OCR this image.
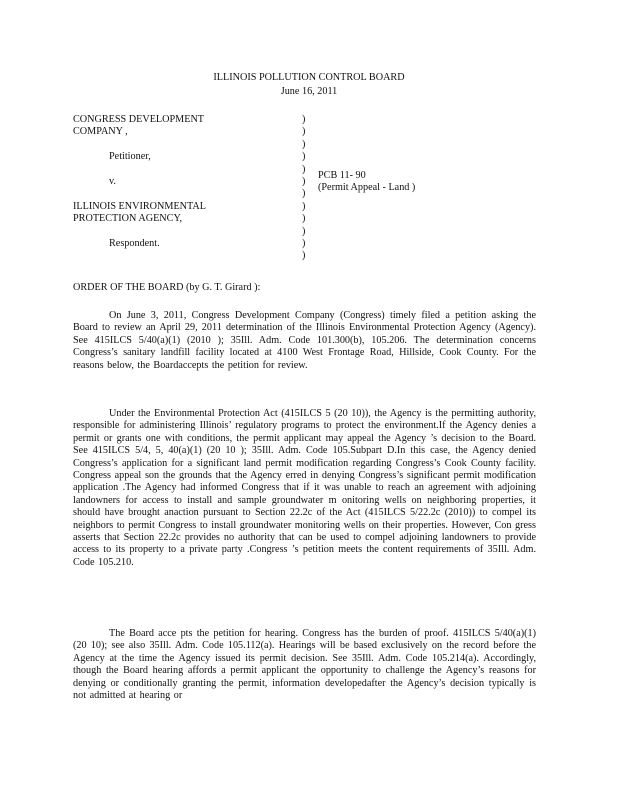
ILLINOIS POLLUTION CONTROL BOARD
June 16, 2011
CONGRESS DEVELOPMENT
COMPANY ,
Petitioner,
v.
ILLINOIS ENVIRONMENTAL
PROTECTION AGENCY,
Respondent.
)
)
)
)
)
)
)
)
)
)
)
)
PCB 11- 90
(Permit Appeal - Land )
ORDER OF THE BOARD (by G. T. Girard ):

On June 3, 2011, Congress Development Company (Congress) timely filed a petition asking the Board to review an April 29, 2011 determination of the Illinois Environmental Protection Agency (Agency). See 415ILCS 5/40(a)(1) (2010 ); 35Ill. Adm. Code 101.300(b), 105.206. The determination concerns Congress’s sanitary landfill facility located at 4100 West Frontage Road, Hillside, Cook County. For the reasons below, the Boardaccepts the petition for review.

Under the Environmental Protection Act (415ILCS 5 (20 10)), the Agency is the permitting authority, responsible for administering Illinois’ regulatory programs to protect the environment.If the Agency denies a permit or grants one with conditions, the permit applicant may appeal the Agency ’s decision to the Board. See 415ILCS 5/4, 5, 40(a)(1) (20 10 ); 35Ill. Adm. Code 105.Subpart D.In this case, the Agency denied Congress’s application for a significant land permit modification regarding Congress’s Cook County facility. Congress appeal son the grounds that the Agency erred in denying Congress’s significant permit modification application .The Agency had informed Congress that if it was unable to reach an agreement with adjoining landowners for access to install and sample groundwater m onitoring wells on neighboring properties, it should have brought anaction pursuant to Section 22.2c of the Act (415ILCS 5/22.2c (2010)) to compel its neighbors to permit Congress to install groundwater monitoring wells on their properties. However, Con gress asserts that Section 22.2c provides no authority that can be used to compel adjoining landowners to provide access to its property to a private party .Congress ’s petition meets the content requirements of 35Ill. Adm. Code 105.210.

The Board acce pts the petition for hearing. Congress has the burden of proof. 415ILCS 5/40(a)(1) (20 10); see also 35Ill. Adm. Code 105.112(a). Hearings will be based exclusively on the record before the Agency at the time the Agency issued its permit decision. See 35Ill. Adm. Code 105.214(a). Accordingly, though the Board hearing affords a permit applicant the opportunity to challenge the Agency’s reasons for denying or conditionally granting the permit, information developedafter the Agency’s decision typically is not admitted at hearing or
